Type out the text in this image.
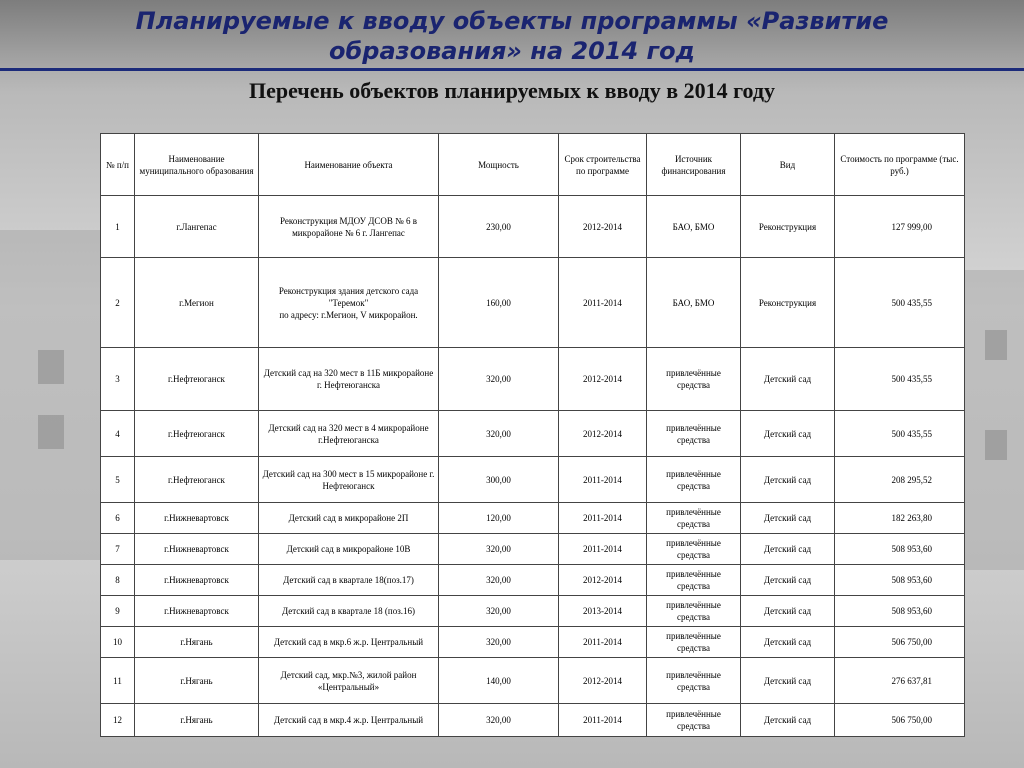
Планируемые к вводу объекты программы «Развитие
образования» на 2014 год
Перечень объектов планируемых к вводу в 2014 году
№ п/п	Наименование муниципального образования	Наименование объекта	Мощность	Срок строительства по программе	Источник финансирования	Вид	Стоимость по программе (тыс. руб.)
1	г.Лангепас	Реконструкция МДОУ ДСОВ № 6 в микрорайоне № 6 г. Лангепас	230,00	2012-2014	БАО, БМО	Реконструкция	127 999,00
2	г.Мегион	Реконструкция здания детского сада "Теремок"
по адресу: г.Мегион, V микрорайон.	160,00	2011-2014	БАО, БМО	Реконструкция	500 435,55
3	г.Нефтеюганск	Детский сад на 320 мест в 11Б микрорайоне г. Нефтеюганска	320,00	2012-2014	привлечённые средства	Детский сад	500 435,55
4	г.Нефтеюганск	Детский сад на 320 мест в 4 микрорайоне г.Нефтеюганска	320,00	2012-2014	привлечённые средства	Детский сад	500 435,55
5	г.Нефтеюганск	Детский сад на 300 мест в 15 микрорайоне г. Нефтеюганск	300,00	2011-2014	привлечённые средства	Детский сад	208 295,52
6	г.Нижневартовск	Детский сад в микрорайоне 2П	120,00	2011-2014	привлечённые средства	Детский сад	182 263,80
7	г.Нижневартовск	Детский сад в микрорайоне 10В	320,00	2011-2014	привлечённые средства	Детский сад	508 953,60
8	г.Нижневартовск	Детский сад в квартале 18(поз.17)	320,00	2012-2014	привлечённые средства	Детский сад	508 953,60
9	г.Нижневартовск	Детский сад в квартале 18 (поз.16)	320,00	2013-2014	привлечённые средства	Детский сад	508 953,60
10	г.Нягань	Детский сад в мкр.6 ж.р. Центральный	320,00	2011-2014	привлечённые средства	Детский сад	506 750,00
11	г.Нягань	Детский сад, мкр.№3, жилой район «Центральный»	140,00	2012-2014	привлечённые средства	Детский сад	276 637,81
12	г.Нягань	Детский сад в мкр.4 ж.р. Центральный	320,00	2011-2014	привлечённые средства	Детский сад	506 750,00
